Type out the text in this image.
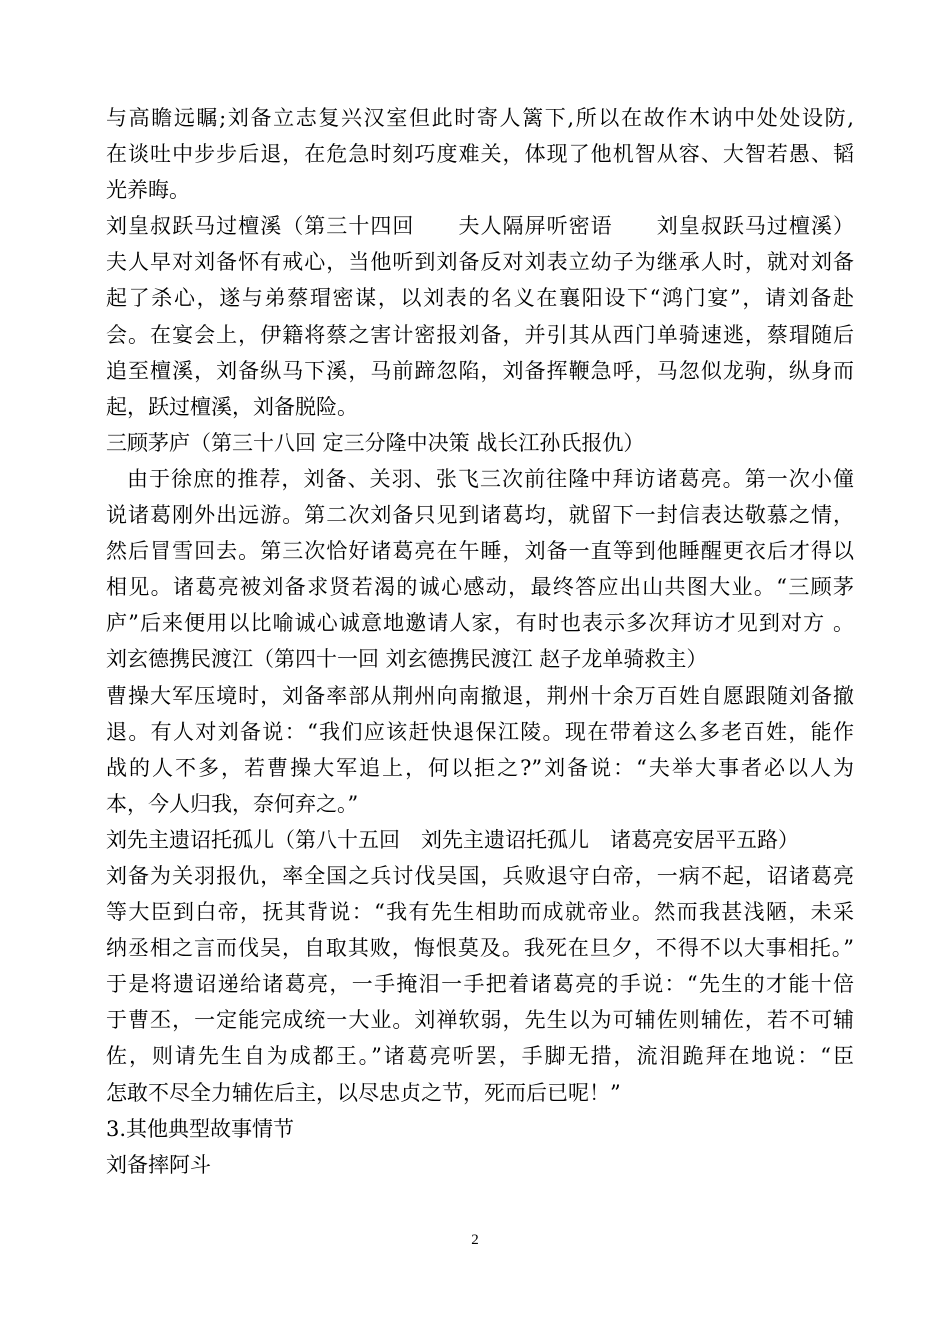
与高瞻远瞩;刘备立志复兴汉室但此时寄人篱下,所以在故作木讷中处处设防,
在谈吐中步步后退，在危急时刻巧度难关，体现了他机智从容、大智若愚、韬
光养晦。
刘皇叔跃马过檀溪（第三十四回　　夫人隔屏听密语　　刘皇叔跃马过檀溪）
夫人早对刘备怀有戒心，当他听到刘备反对刘表立幼子为继承人时，就对刘备
起了杀心，遂与弟蔡瑁密谋，以刘表的名义在襄阳设下“鸿门宴”，请刘备赴
会。在宴会上，伊籍将蔡之害计密报刘备，并引其从西门单骑速逃，蔡瑁随后
追至檀溪，刘备纵马下溪，马前蹄忽陷，刘备挥鞭急呼，马忽似龙驹，纵身而
起，跃过檀溪，刘备脱险。
三顾茅庐（第三十八回 定三分隆中决策 战长江孙氏报仇）
由于徐庶的推荐，刘备、关羽、张飞三次前往隆中拜访诸葛亮。第一次小僮
说诸葛刚外出远游。第二次刘备只见到诸葛均，就留下一封信表达敬慕之情，
然后冒雪回去。第三次恰好诸葛亮在午睡，刘备一直等到他睡醒更衣后才得以
相见。诸葛亮被刘备求贤若渴的诚心感动，最终答应出山共图大业。“三顾茅
庐”后来便用以比喻诚心诚意地邀请人家，有时也表示多次拜访才见到对方 。
刘玄德携民渡江（第四十一回 刘玄德携民渡江 赵子龙单骑救主）
曹操大军压境时，刘备率部从荆州向南撤退，荆州十余万百姓自愿跟随刘备撤
退。有人对刘备说：“我们应该赶快退保江陵。现在带着这么多老百姓，能作
战的人不多，若曹操大军追上，何以拒之?”刘备说：“夫举大事者必以人为
本，今人归我，奈何弃之。”
刘先主遗诏托孤儿（第八十五回　刘先主遗诏托孤儿　诸葛亮安居平五路）
刘备为关羽报仇，率全国之兵讨伐吴国，兵败退守白帝，一病不起，诏诸葛亮
等大臣到白帝，抚其背说：“我有先生相助而成就帝业。然而我甚浅陋，未采
纳丞相之言而伐吴，自取其败，悔恨莫及。我死在旦夕，不得不以大事相托。”
于是将遗诏递给诸葛亮，一手掩泪一手把着诸葛亮的手说：“先生的才能十倍
于曹丕，一定能完成统一大业。刘禅软弱，先生以为可辅佐则辅佐，若不可辅
佐，则请先生自为成都王。”诸葛亮听罢，手脚无措，流泪跪拜在地说：“臣
怎敢不尽全力辅佐后主，以尽忠贞之节，死而后已呢！”
3.其他典型故事情节
刘备摔阿斗
2
